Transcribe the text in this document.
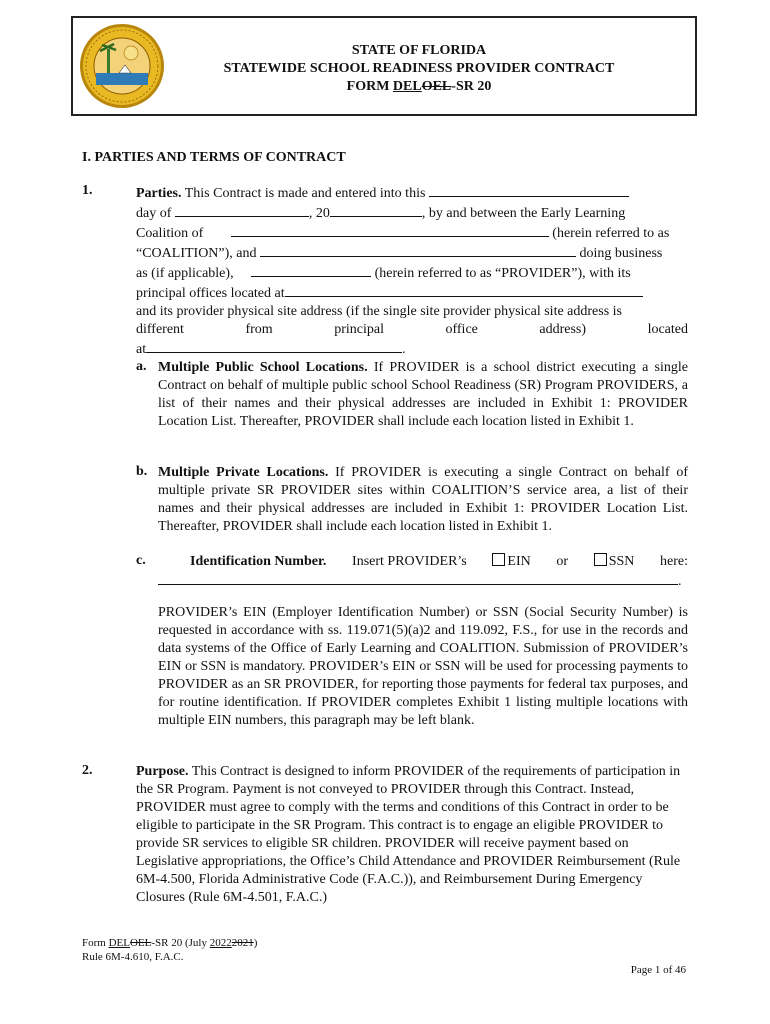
STATE OF FLORIDA
STATEWIDE SCHOOL READINESS PROVIDER CONTRACT
FORM DELOEL-SR 20
I. PARTIES AND TERMS OF CONTRACT
1.	Parties. This Contract is made and entered into this
day of	, 20	, by and between the Early Learning
Coalition of	(herein referred to as
“COALITION”), and	doing business
as (if applicable),	(herein referred to as “PROVIDER”), with its
principal offices located at
and its provider physical site address (if the single site provider physical site address is
different	from	principal	office	address)	located
at	.
a. Multiple Public School Locations. If PROVIDER is a school district executing a single Contract on behalf of multiple public school School Readiness (SR) Program PROVIDERS, a list of their names and their physical addresses are included in Exhibit 1: PROVIDER Location List. Thereafter, PROVIDER shall include each location listed in Exhibit 1.
b. Multiple Private Locations. If PROVIDER is executing a single Contract on behalf of multiple private SR PROVIDER sites within COALITION’S service area, a list of their names and their physical addresses are included in Exhibit 1: PROVIDER Location List. Thereafter, PROVIDER shall include each location listed in Exhibit 1.
c.	Identification Number. Insert PROVIDER’s	EIN or	SSN here:
.
PROVIDER’s EIN (Employer Identification Number) or SSN (Social Security Number) is requested in accordance with ss. 119.071(5)(a)2 and 119.092, F.S., for use in the records and data systems of the Office of Early Learning and COALITION. Submission of PROVIDER’s EIN or SSN is mandatory. PROVIDER’s EIN or SSN will be used for processing payments to PROVIDER as an SR PROVIDER, for reporting those payments for federal tax purposes, and for routine identification. If PROVIDER completes Exhibit 1 listing multiple locations with multiple EIN numbers, this paragraph may be left blank.
2.	Purpose. This Contract is designed to inform PROVIDER of the requirements of participation in the SR Program. Payment is not conveyed to PROVIDER through this Contract. Instead, PROVIDER must agree to comply with the terms and conditions of this Contract in order to be eligible to participate in the SR Program. This contract is to engage an eligible PROVIDER to provide SR services to eligible SR children. PROVIDER will receive payment based on Legislative appropriations, the Office’s Child Attendance and PROVIDER Reimbursement (Rule 6M-4.500, Florida Administrative Code (F.A.C.)), and Reimbursement During Emergency Closures (Rule 6M-4.501, F.A.C.)
Form DELOEL-SR 20 (July 20222021)
Rule 6M-4.610, F.A.C.
Page 1 of 46
